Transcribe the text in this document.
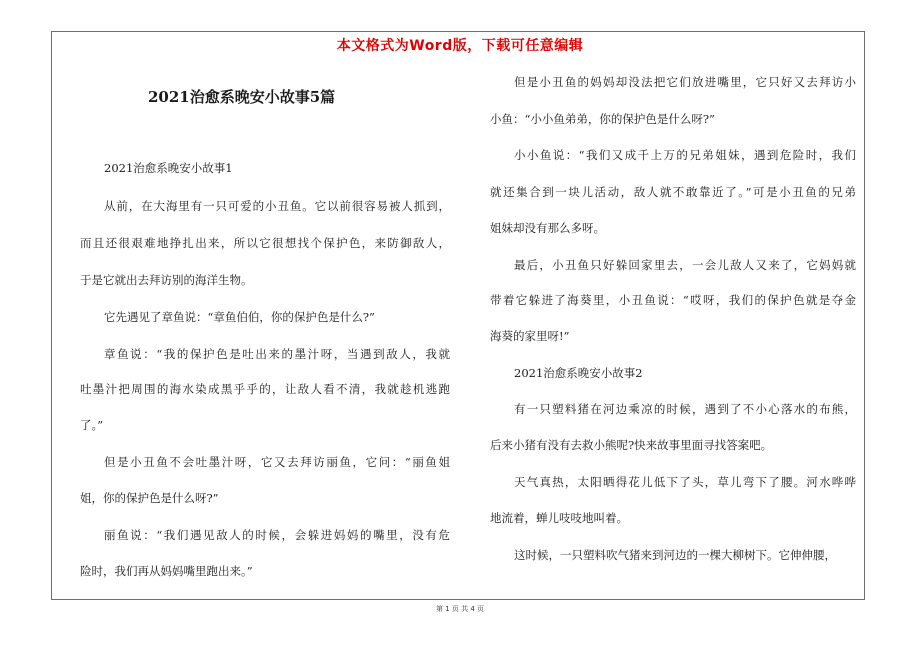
本文格式为Word版，下载可任意编辑
2021治愈系晚安小故事5篇
2021治愈系晚安小故事1
从前，在大海里有一只可爱的小丑鱼。它以前很容易被人抓到，
而且还很艰难地挣扎出来，所以它很想找个保护色，来防御敌人，
于是它就出去拜访别的海洋生物。
它先遇见了章鱼说：“章鱼伯伯，你的保护色是什么?”
章鱼说：“我的保护色是吐出来的墨汁呀，当遇到敌人，我就
吐墨汁把周围的海水染成黑乎乎的，让敌人看不清，我就趁机逃跑
了。”
但是小丑鱼不会吐墨汁呀，它又去拜访丽鱼，它问：“丽鱼姐
姐，你的保护色是什么呀?”
丽鱼说：“我们遇见敌人的时候，会躲进妈妈的嘴里，没有危
险时，我们再从妈妈嘴里跑出来。”
但是小丑鱼的妈妈却没法把它们放进嘴里，它只好又去拜访小
小鱼：“小小鱼弟弟，你的保护色是什么呀?”
小小鱼说：“我们又成千上万的兄弟姐妹，遇到危险时，我们
就还集合到一块儿活动，敌人就不敢靠近了。”可是小丑鱼的兄弟
姐妹却没有那么多呀。
最后，小丑鱼只好躲回家里去，一会儿敌人又来了，它妈妈就
带着它躲进了海葵里，小丑鱼说：“哎呀，我们的保护色就是夺金
海葵的家里呀!”
2021治愈系晚安小故事2
有一只塑料猪在河边乘凉的时候，遇到了不小心落水的布熊，
后来小猪有没有去救小熊呢?快来故事里面寻找答案吧。
天气真热，太阳晒得花儿低下了头，草儿弯下了腰。河水哗哗
地流着，蝉儿吱吱地叫着。
这时候，一只塑料吹气猪来到河边的一棵大柳树下。它伸伸腰，
第 1 页 共 4 页
